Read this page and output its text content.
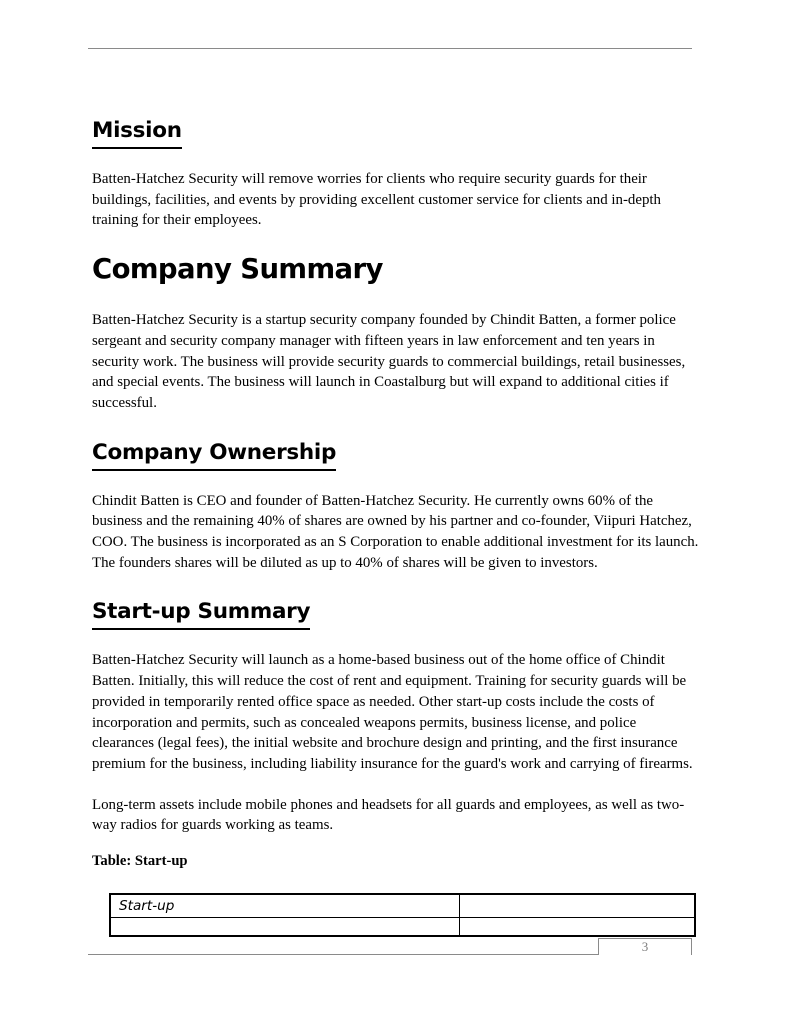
Mission

Batten-Hatchez Security will remove worries for clients who require security guards for their buildings, facilities, and events by providing excellent customer service for clients and in-depth training for their employees.

Company Summary

Batten-Hatchez Security is a startup security company founded by Chindit Batten, a former police sergeant and security company manager with fifteen years in law enforcement and ten years in security work. The business will provide security guards to commercial buildings, retail businesses, and special events. The business will launch in Coastalburg but will expand to additional cities if successful.

Company Ownership

Chindit Batten is CEO and founder of Batten-Hatchez Security. He currently owns 60% of the business and the remaining 40% of shares are owned by his partner and co-founder, Viipuri Hatchez, COO. The business is incorporated as an S Corporation to enable additional investment for its launch. The founders shares will be diluted as up to 40% of shares will be given to investors.

Start-up Summary

Batten-Hatchez Security will launch as a home-based business out of the home office of Chindit Batten. Initially, this will reduce the cost of rent and equipment. Training for security guards will be provided in temporarily rented office space as needed. Other start-up costs include the costs of incorporation and permits, such as concealed weapons permits, business license, and police clearances (legal fees), the initial website and brochure design and printing, and the first insurance premium for the business, including liability insurance for the guard's work and carrying of firearms.

Long-term assets include mobile phones and headsets for all guards and employees, as well as two-way radios for guards working as teams.

Table: Start-up

Start-up	

3
